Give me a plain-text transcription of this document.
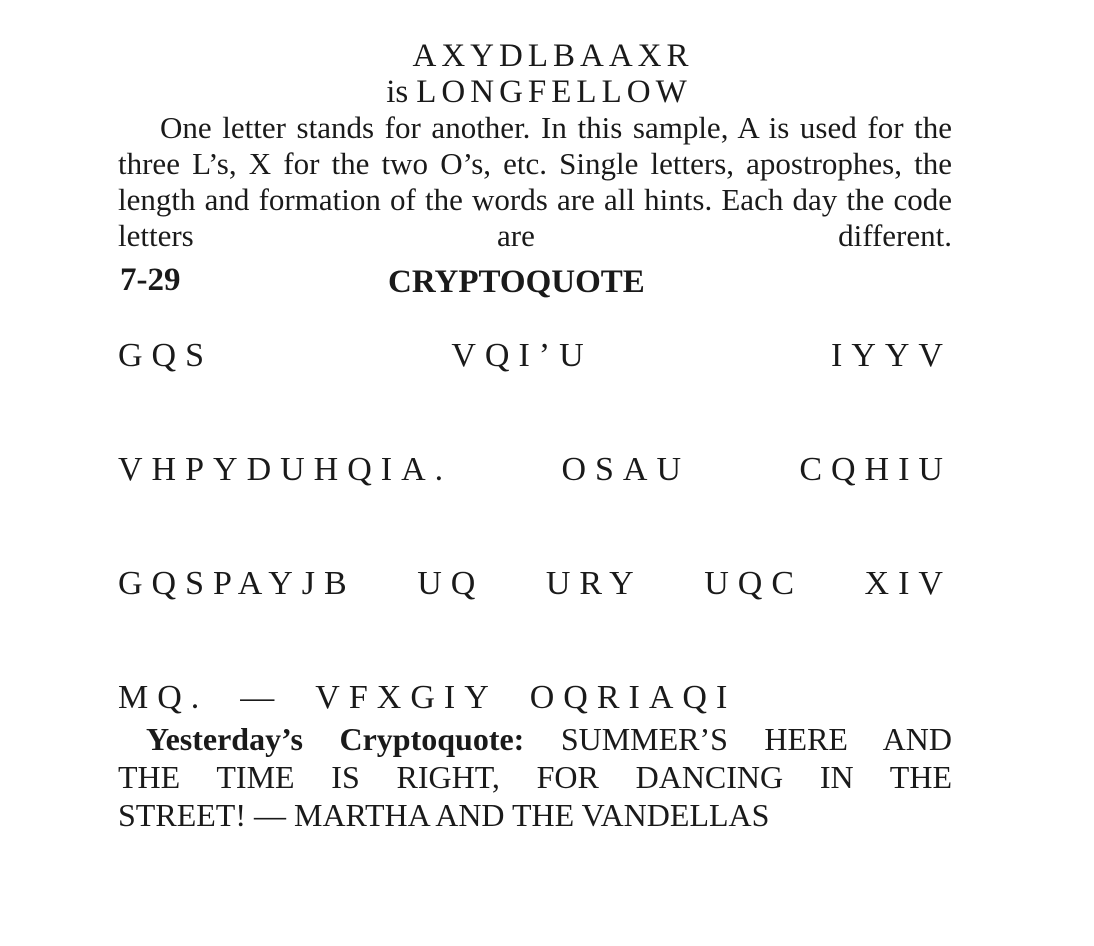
AXYDLBAAXR
is LONGFELLOW

One letter stands for another. In this sample, A is used for the three L’s, X for the two O’s, etc. Single letters, apostrophes, the length and formation of the words are all hints. Each day the code letters are different.

7-29	CRYPTOQUOTE
GQS	VQI’U	IYYV
VHPYDUHQIA.	OSAU	CQHIU
GQSPAYJB UQ URY UQC XIV
MQ. — VFXGIY OQRIAQI

Yesterday’s Cryptoquote: SUMMER’S HERE AND

THE TIME IS RIGHT, FOR DANCING IN THE

STREET! — MARTHA AND THE VANDELLAS
